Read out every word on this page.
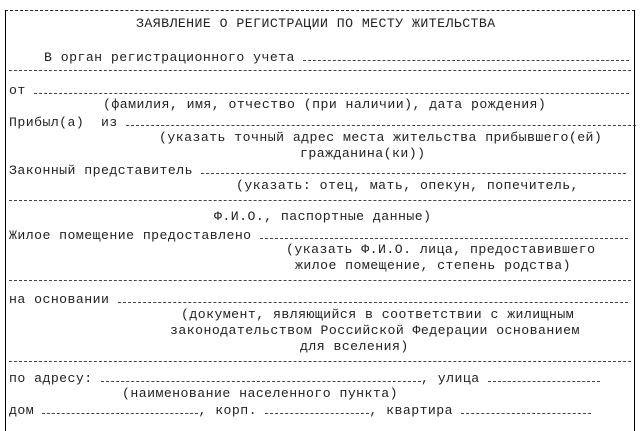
ЗАЯВЛЕНИЕ О РЕГИСТРАЦИИ ПО МЕСТУ ЖИТЕЛЬСТВА
В орган регистрационного учета
от
(фамилия, имя, отчество (при наличии), дата рождения)
Прибыл(а)  из
(указать точный адрес места жительства прибывшего(ей)
гражданина(ки))
Законный представитель
(указать: отец, мать, опекун, попечитель,
Ф.И.О., паспортные данные)
Жилое помещение предоставлено
(указать Ф.И.О. лица, предоставившего
жилое помещение, степень родства)
на основании
(документ, являющийся в соответствии с жилищным
законодательством Российской Федерации основанием
для вселения)
по адресу:	, улица
(наименование населенного пункта)
дом	, корп.	, квартира
